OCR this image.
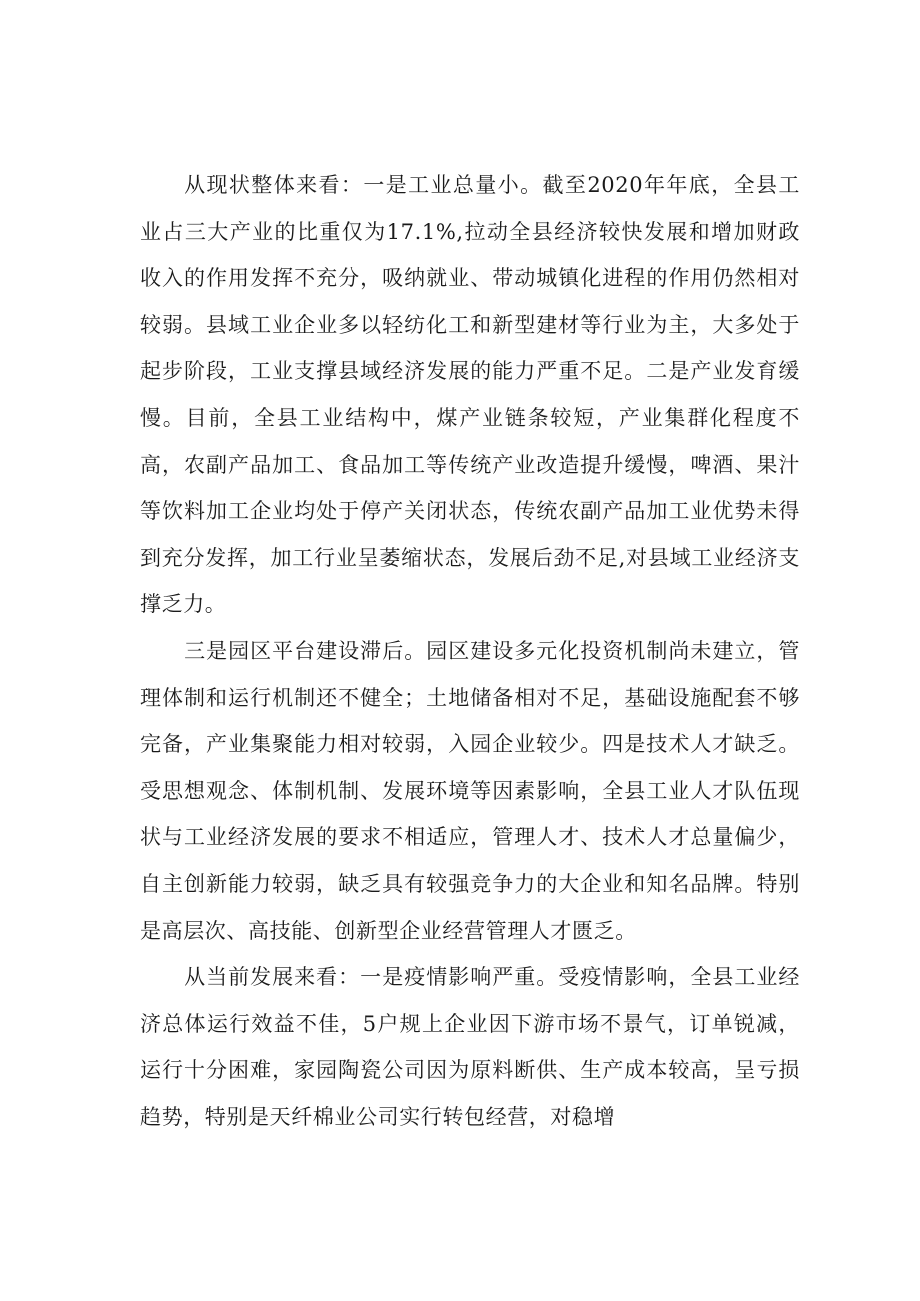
从现状整体来看：一是工业总量小。截至2020年年底，全县工业占三大产业的比重仅为17.1%,拉动全县经济较快发展和增加财政收入的作用发挥不充分，吸纳就业、带动城镇化进程的作用仍然相对较弱。县域工业企业多以轻纺化工和新型建材等行业为主，大多处于起步阶段，工业支撑县域经济发展的能力严重不足。二是产业发育缓慢。目前，全县工业结构中，煤产业链条较短，产业集群化程度不高，农副产品加工、食品加工等传统产业改造提升缓慢，啤酒、果汁等饮料加工企业均处于停产关闭状态，传统农副产品加工业优势未得到充分发挥，加工行业呈萎缩状态，发展后劲不足,对县域工业经济支撑乏力。

三是园区平台建设滞后。园区建设多元化投资机制尚未建立，管理体制和运行机制还不健全；土地储备相对不足，基础设施配套不够完备，产业集聚能力相对较弱，入园企业较少。四是技术人才缺乏。受思想观念、体制机制、发展环境等因素影响，全县工业人才队伍现状与工业经济发展的要求不相适应，管理人才、技术人才总量偏少，自主创新能力较弱，缺乏具有较强竞争力的大企业和知名品牌。特别是高层次、高技能、创新型企业经营管理人才匮乏。

从当前发展来看：一是疫情影响严重。受疫情影响，全县工业经济总体运行效益不佳，5户规上企业因下游市场不景气，订单锐减，运行十分困难，家园陶瓷公司因为原料断供、生产成本较高，呈亏损趋势，特别是天纤棉业公司实行转包经营，对稳增
